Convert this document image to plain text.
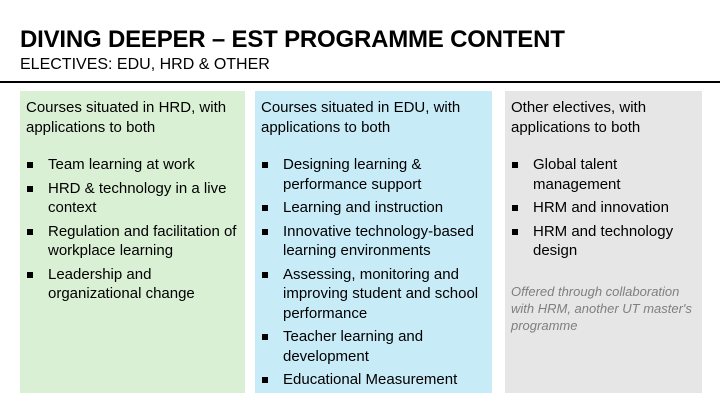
DIVING DEEPER – EST PROGRAMME CONTENT
ELECTIVES: EDU, HRD & OTHER
Courses situated in HRD, with applications to both
Team learning at work
HRD & technology in a live context
Regulation and facilitation of workplace learning
Leadership and organizational change
Courses situated in EDU, with applications to both
Designing learning & performance support
Learning and instruction
Innovative technology-based learning environments
Assessing, monitoring and improving student and school performance
Teacher learning and development
Educational Measurement
Other electives, with applications to both
Global talent management
HRM and innovation
HRM and technology design
Offered through collaboration with HRM, another UT master's programme
